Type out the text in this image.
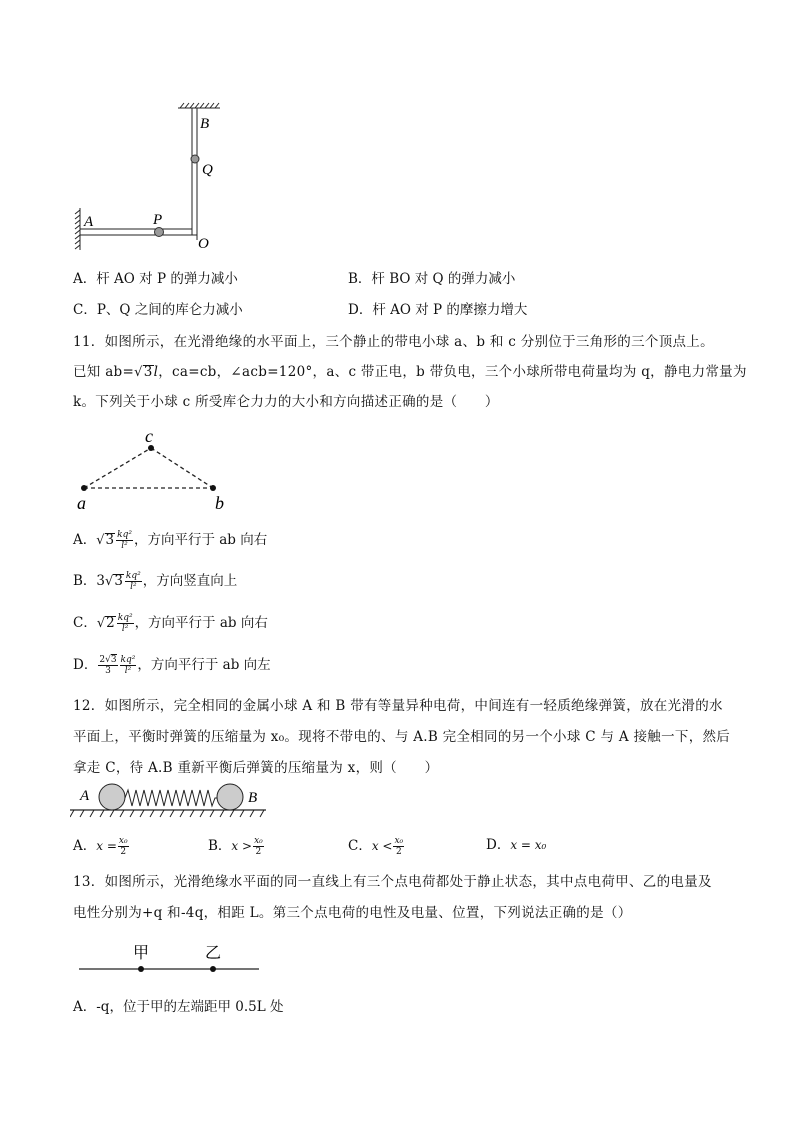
B
Q
A	P
O
A．杆 AO 对 P 的弹力减小	B．杆 BO 对 Q 的弹力减小
C．P、Q 之间的库仑力减小	D．杆 AO 对 P 的摩擦力增大
11．如图所示，在光滑绝缘的水平面上，三个静止的带电小球 a、b 和 c 分别位于三角形的三个顶点上。
已知 ab=√3l，ca=cb，∠acb=120°，a、c 带正电，b 带负电，三个小球所带电荷量均为 q，静电力常量为
k。下列关于小球 c 所受库仑力力的大小和方向描述正确的是（　　）
c
a	b
A．$√3 \frac{\text{kq²}}{\text{l²}}$ ，方向平行于 ab 向右
B．$3√3 \frac{\text{kq²}}{\text{l²}}$ ，方向竖直向上
C．$√2 \frac{\text{kq²}}{\text{l²}}$ ，方向平行于 ab 向右
D． $\frac{2√3}{3} \frac{\text{kq²}}{\text{l²}}$ ，方向平行于 ab 向左
12．如图所示，完全相同的金属小球 A 和 B 带有等量异种电荷，中间连有一轻质绝缘弹簧，放在光滑的水
平面上，平衡时弹簧的压缩量为 x₀。现将不带电的、与 A.B 完全相同的另一个小球 C 与 A 接触一下，然后
拿走 C，待 A.B 重新平衡后弹簧的压缩量为 x，则（　　）
A	B
A．$x = \frac{\text{x₀}}{2}$	B．$x > \frac{\text{x₀}}{2}$	C．$x < \frac{\text{x₀}}{2}$	D．x = x₀
13．如图所示，光滑绝缘水平面的同一直线上有三个点电荷都处于静止状态，其中点电荷甲、乙的电量及
电性分别为+q 和-4q，相距 L。第三个点电荷的电性及电量、位置，下列说法正确的是（）
甲	乙
A．-q，位于甲的左端距甲 0.5L 处
